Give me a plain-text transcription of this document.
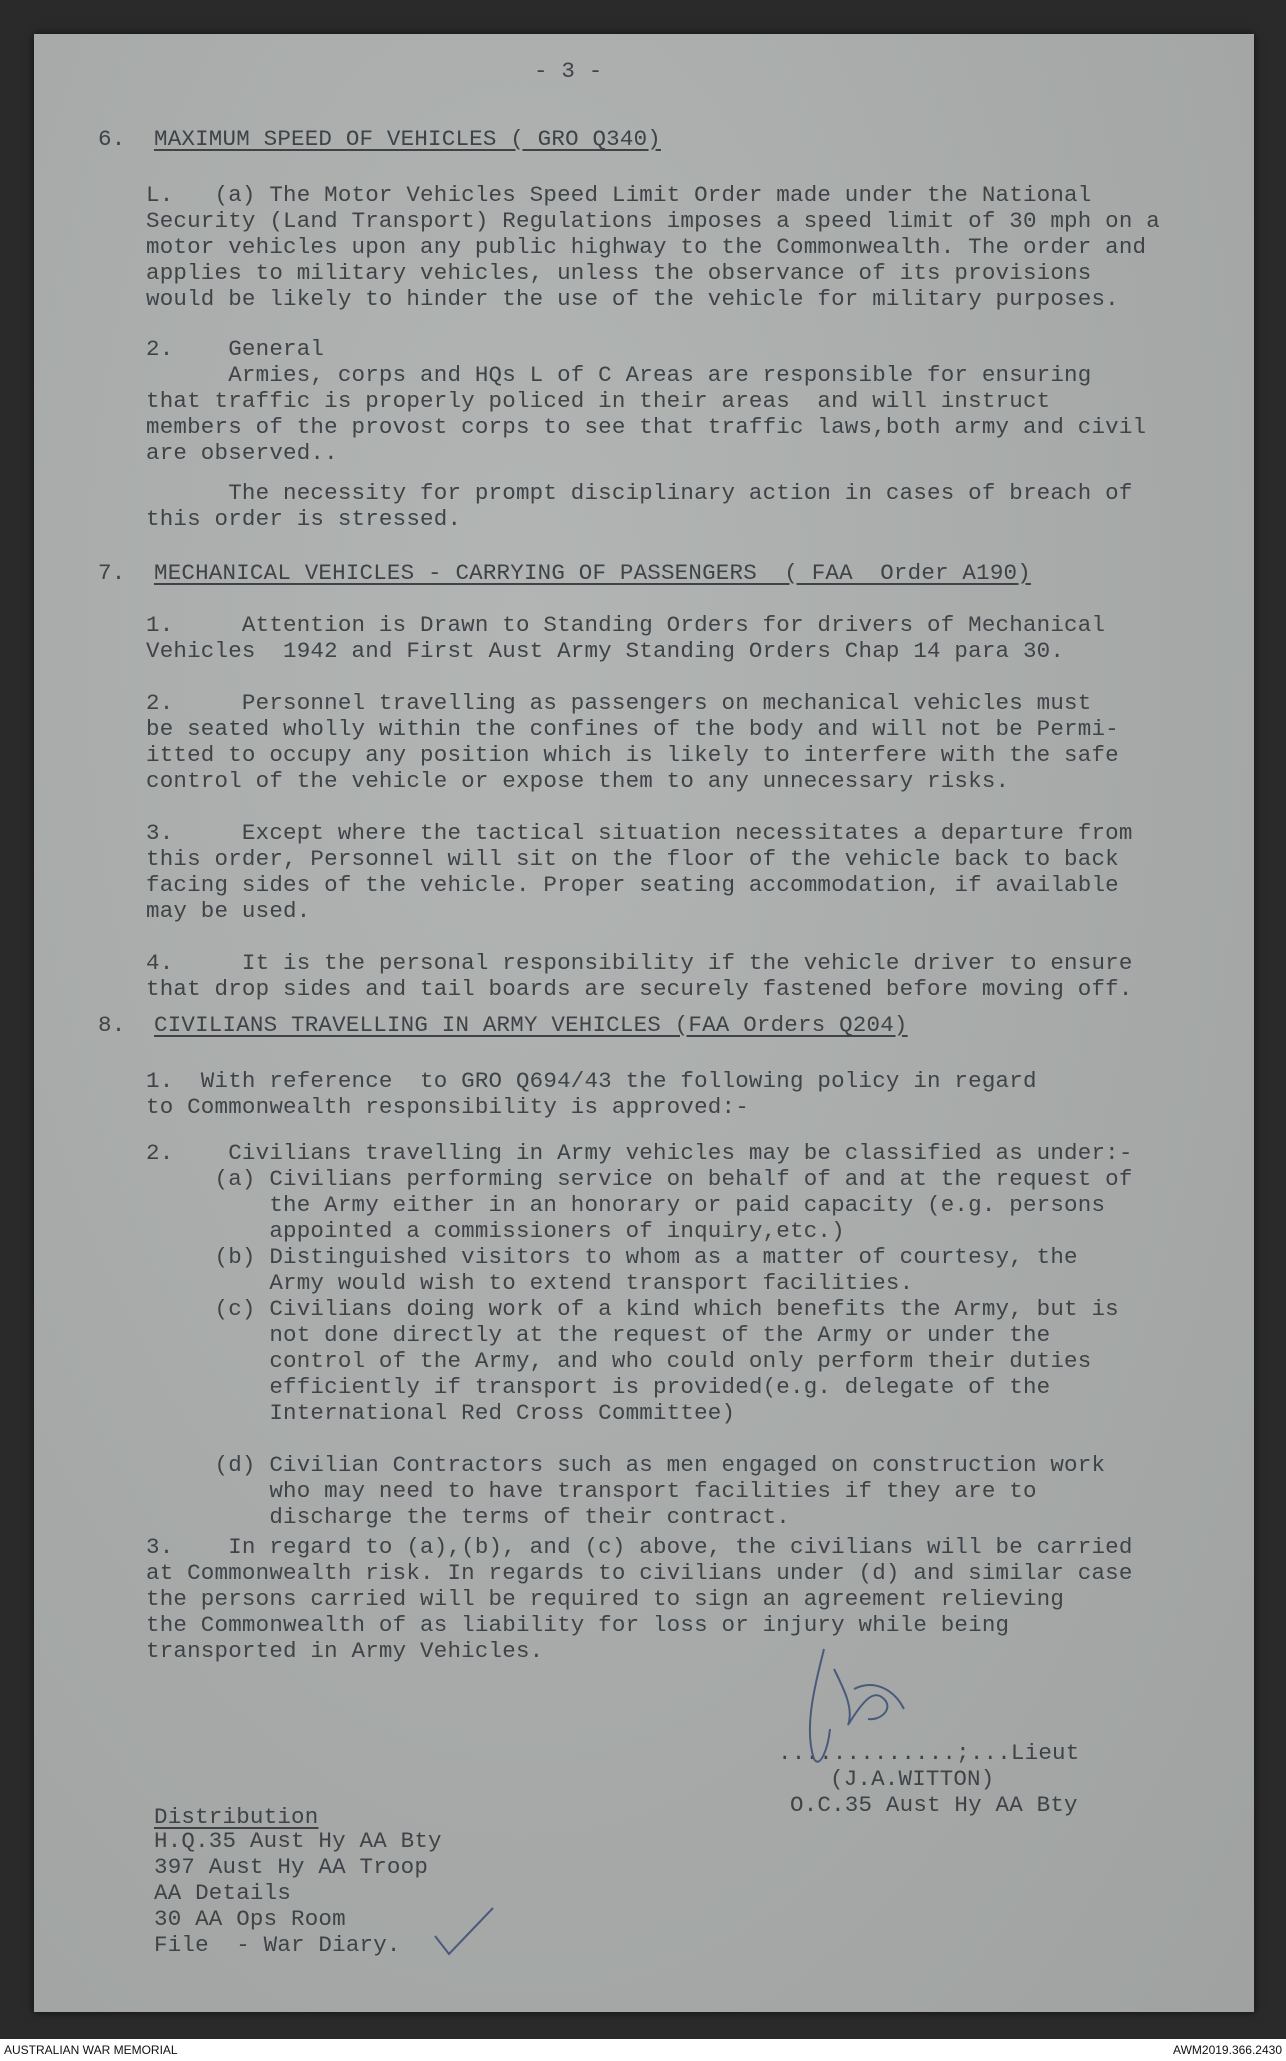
- 3 -

6. MAXIMUM SPEED OF VEHICLES ( GRO Q340)

L.   (a) The Motor Vehicles Speed Limit Order made under the National
Security (Land Transport) Regulations imposes a speed limit of 30 mph on a
motor vehicles upon any public highway to the Commonwealth. The order and
applies to military vehicles, unless the observance of its provisions
would be likely to hinder the use of the vehicle for military purposes.

2.    General

Armies, corps and HQs L of C Areas are responsible for ensuring
that traffic is properly policed in their areas  and will instruct
members of the provost corps to see that traffic laws,both army and civil
are observed..

The necessity for prompt disciplinary action in cases of breach of
this order is stressed.

7. MECHANICAL VEHICLES - CARRYING OF PASSENGERS  ( FAA  Order A190)

1.     Attention is Drawn to Standing Orders for drivers of Mechanical
Vehicles  1942 and First Aust Army Standing Orders Chap 14 para 30.

2.     Personnel travelling as passengers on mechanical vehicles must
be seated wholly within the confines of the body and will not be Permi-
itted to occupy any position which is likely to interfere with the safe
control of the vehicle or expose them to any unnecessary risks.

3.     Except where the tactical situation necessitates a departure from
this order, Personnel will sit on the floor of the vehicle back to back
facing sides of the vehicle. Proper seating accommodation, if available
may be used.

4.     It is the personal responsibility if the vehicle driver to ensure
that drop sides and tail boards are securely fastened before moving off.

8. CIVILIANS TRAVELLING IN ARMY VEHICLES (FAA Orders Q204)

1.  With reference  to GRO Q694/43 the following policy in regard
to Commonwealth responsibility is approved:-

2.    Civilians travelling in Army vehicles may be classified as under:-
(a) Civilians performing service on behalf of and at the request of
the Army either in an honorary or paid capacity (e.g. persons
appointed a commissioners of inquiry,etc.)
(b) Distinguished visitors to whom as a matter of courtesy, the
Army would wish to extend transport facilities.
(c) Civilians doing work of a kind which benefits the Army, but is
not done directly at the request of the Army or under the
control of the Army, and who could only perform their duties
efficiently if transport is provided(e.g. delegate of the
International Red Cross Committee)

(d) Civilian Contractors such as men engaged on construction work
who may need to have transport facilities if they are to
discharge the terms of their contract.

3.    In regard to (a),(b), and (c) above, the civilians will be carried
at Commonwealth risk. In regards to civilians under (d) and similar case
the persons carried will be required to sign an agreement relieving
the Commonwealth of as liability for loss or injury while being
transported in Army Vehicles.

.............;...Lieut

(J.A.WITTON)

O.C.35 Aust Hy AA Bty

Distribution

H.Q.35 Aust Hy AA Bty

397 Aust Hy AA Troop

AA Details

30 AA Ops Room

File  - War Diary.

AUSTRALIAN WAR MEMORIAL	AWM2019.366.2430
